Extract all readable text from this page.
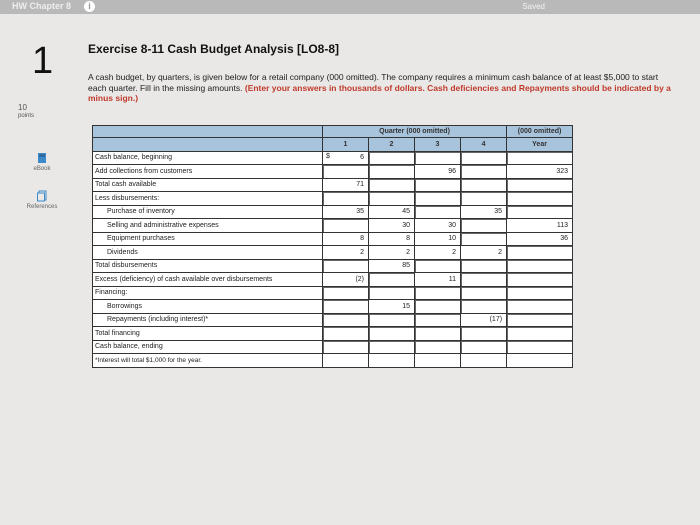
HW Chapter 8	i	Saved
1
10
points
eBook
References
Exercise 8-11 Cash Budget Analysis [LO8-8]
A cash budget, by quarters, is given below for a retail company (000 omitted). The company requires a minimum cash balance of at least $5,000 to start each quarter. Fill in the missing amounts. (Enter your answers in thousands of dollars. Cash deficiencies and Repayments should be indicated by a minus sign.)
	Quarter (000 omitted)				(000 omitted)
	1	2	3	4	Year
Cash balance, beginning	$ 6				
Add collections from customers			96		323
Total cash available	71				
Less disbursements:					
Purchase of inventory	35	45		35	
Selling and administrative expenses		30	30		113
Equipment purchases	8	8	10		36
Dividends	2	2	2	2	
Total disbursements		85			
Excess (deficiency) of cash available over disbursements	(2)		11		
Financing:					
Borrowings		15			
Repayments (including interest)*				(17)	
Total financing					
Cash balance, ending					
*Interest will total $1,000 for the year.					
